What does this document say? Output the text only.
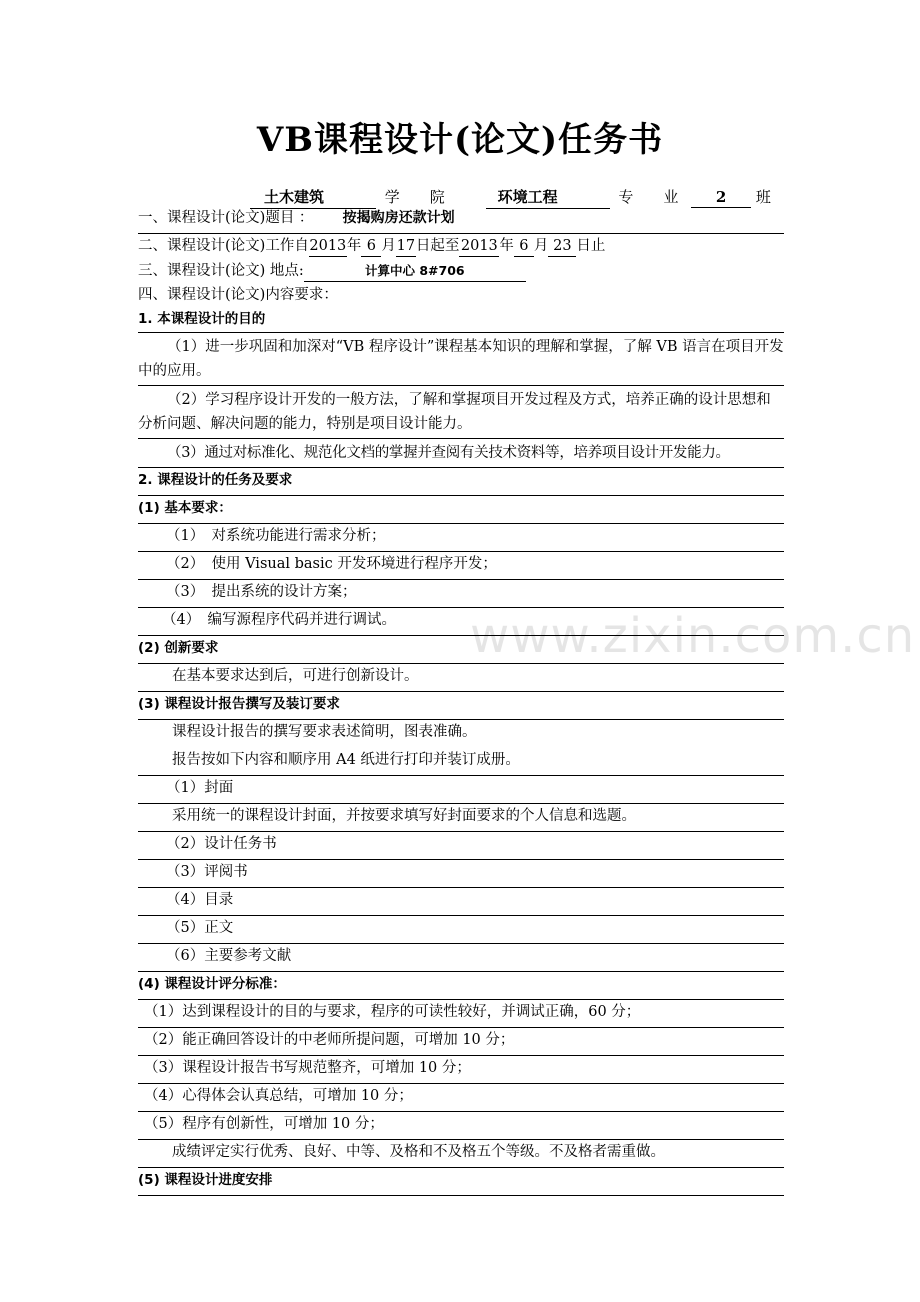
VB课程设计(论文)任务书
土木建筑	学　　院	环境工程	专　　业	2 班
一、课程设计(论文)题目 ： 按揭购房还款计划
二、课程设计(论文)工作自2013年 6 月17日起至 2013 年 6 月 23 日止
三、课程设计(论文) 地点:	计算中心 8#706
四、课程设计(论文)内容要求：
1. 本课程设计的目的
（1）进一步巩固和加深对“VB 程序设计”课程基本知识的理解和掌握，了解 VB 语言在项目开发中的应用。
（2）学习程序设计开发的一般方法，了解和掌握项目开发过程及方式，培养正确的设计思想和分析问题、解决问题的能力，特别是项目设计能力。
（3）通过对标准化、规范化文档的掌握并查阅有关技术资料等，培养项目设计开发能力。
2. 课程设计的任务及要求
(1) 基本要求：
（1）　对系统功能进行需求分析；
（2）　使用 Visual basic 开发环境进行程序开发；
（3）　提出系统的设计方案；
（4）　编写源程序代码并进行调试。
(2) 创新要求
在基本要求达到后，可进行创新设计。
(3) 课程设计报告撰写及装订要求
课程设计报告的撰写要求表述简明，图表准确。
报告按如下内容和顺序用 A4 纸进行打印并装订成册。
（1）封面
采用统一的课程设计封面，并按要求填写好封面要求的个人信息和选题。
（2）设计任务书
（3）评阅书
（4）目录
（5）正文
（6）主要参考文献
(4) 课程设计评分标准：
（1）达到课程设计的目的与要求，程序的可读性较好，并调试正确，60 分；
（2）能正确回答设计的中老师所提问题，可增加 10 分；
（3）课程设计报告书写规范整齐，可增加 10 分；
（4）心得体会认真总结，可增加 10 分；
（5）程序有创新性，可增加 10 分；
成绩评定实行优秀、良好、中等、及格和不及格五个等级。不及格者需重做。
(5) 课程设计进度安排
www.zixin.com.cn
